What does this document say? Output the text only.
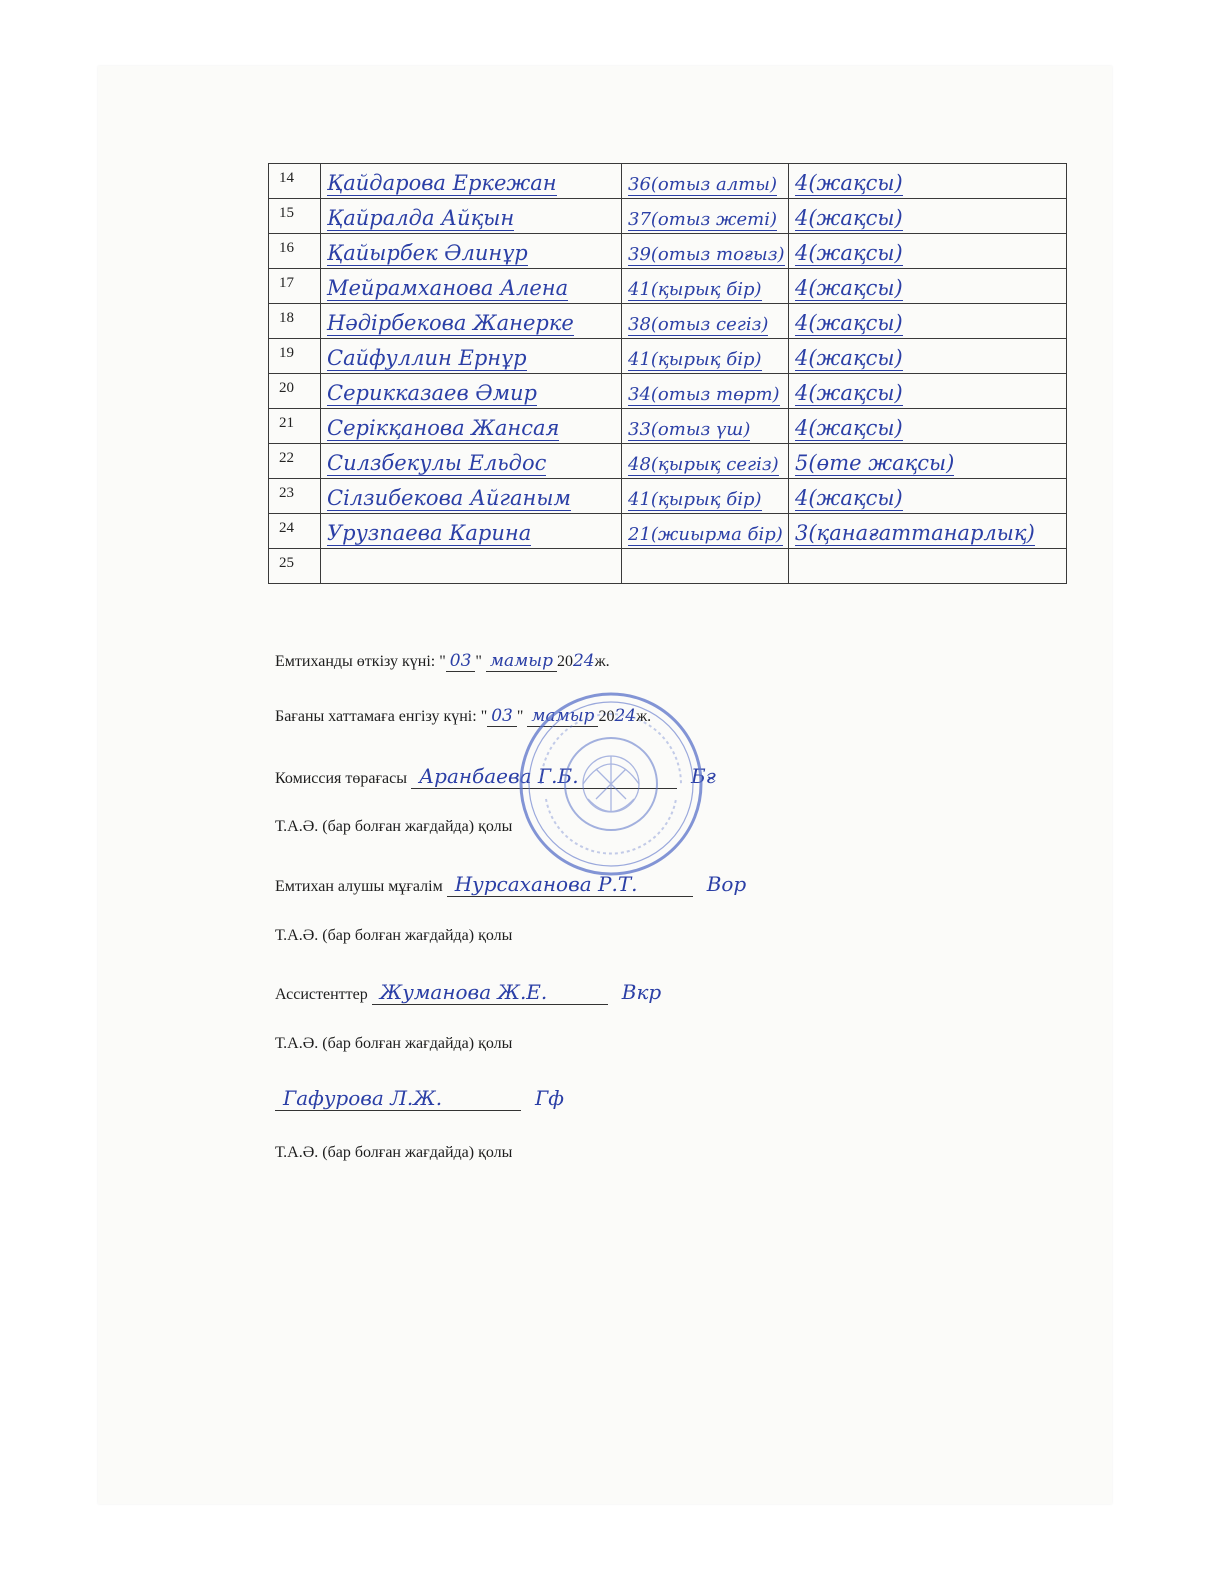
14	Қайдарова Еркежан	36(отыз алты)	4(жақсы)

15	Қайралда Айқын	37(отыз жеті)	4(жақсы)

16	Қайырбек Әлинұр	39(отыз тоғыз)	4(жақсы)

17	Мейрамханова Алена	41(қырық бір)	4(жақсы)

18	Нәдірбекова Жанерке	38(отыз сегіз)	4(жақсы)

19	Сайфуллин Ернұр	41(қырық бір)	4(жақсы)

20	Серикказаев Әмир	34(отыз төрт)	4(жақсы)

21	Серікқанова Жансая	33(отыз үш)	4(жақсы)

22	Силзбекулы Ельдос	48(қырық сегіз)	5(өте жақсы)

23	Сілзибекова Айганым	41(қырық бір)	4(жақсы)

24	Урузпаева Карина	21(жиырма бір)	3(қанағаттанарлық)

25			
Емтиханды өткізу күні: " 03 " мамыр 2024ж.
Бағаны хаттамаға енгізу күні: " 03 " мамыр 2024ж.
Комиссия төрағасы Аранбаева Г.Б.	Бғ
Т.А.Ә. (бар болған жағдайда) қолы
Емтихан алушы мұғалім Нурсаханова Р.Т.	Вор
Т.А.Ә. (бар болған жағдайда) қолы
Ассистенттер Жуманова Ж.Е.	Вкр
Т.А.Ә. (бар болған жағдайда) қолы
Гафурова Л.Ж.	Гф
Т.А.Ә. (бар болған жағдайда) қолы
